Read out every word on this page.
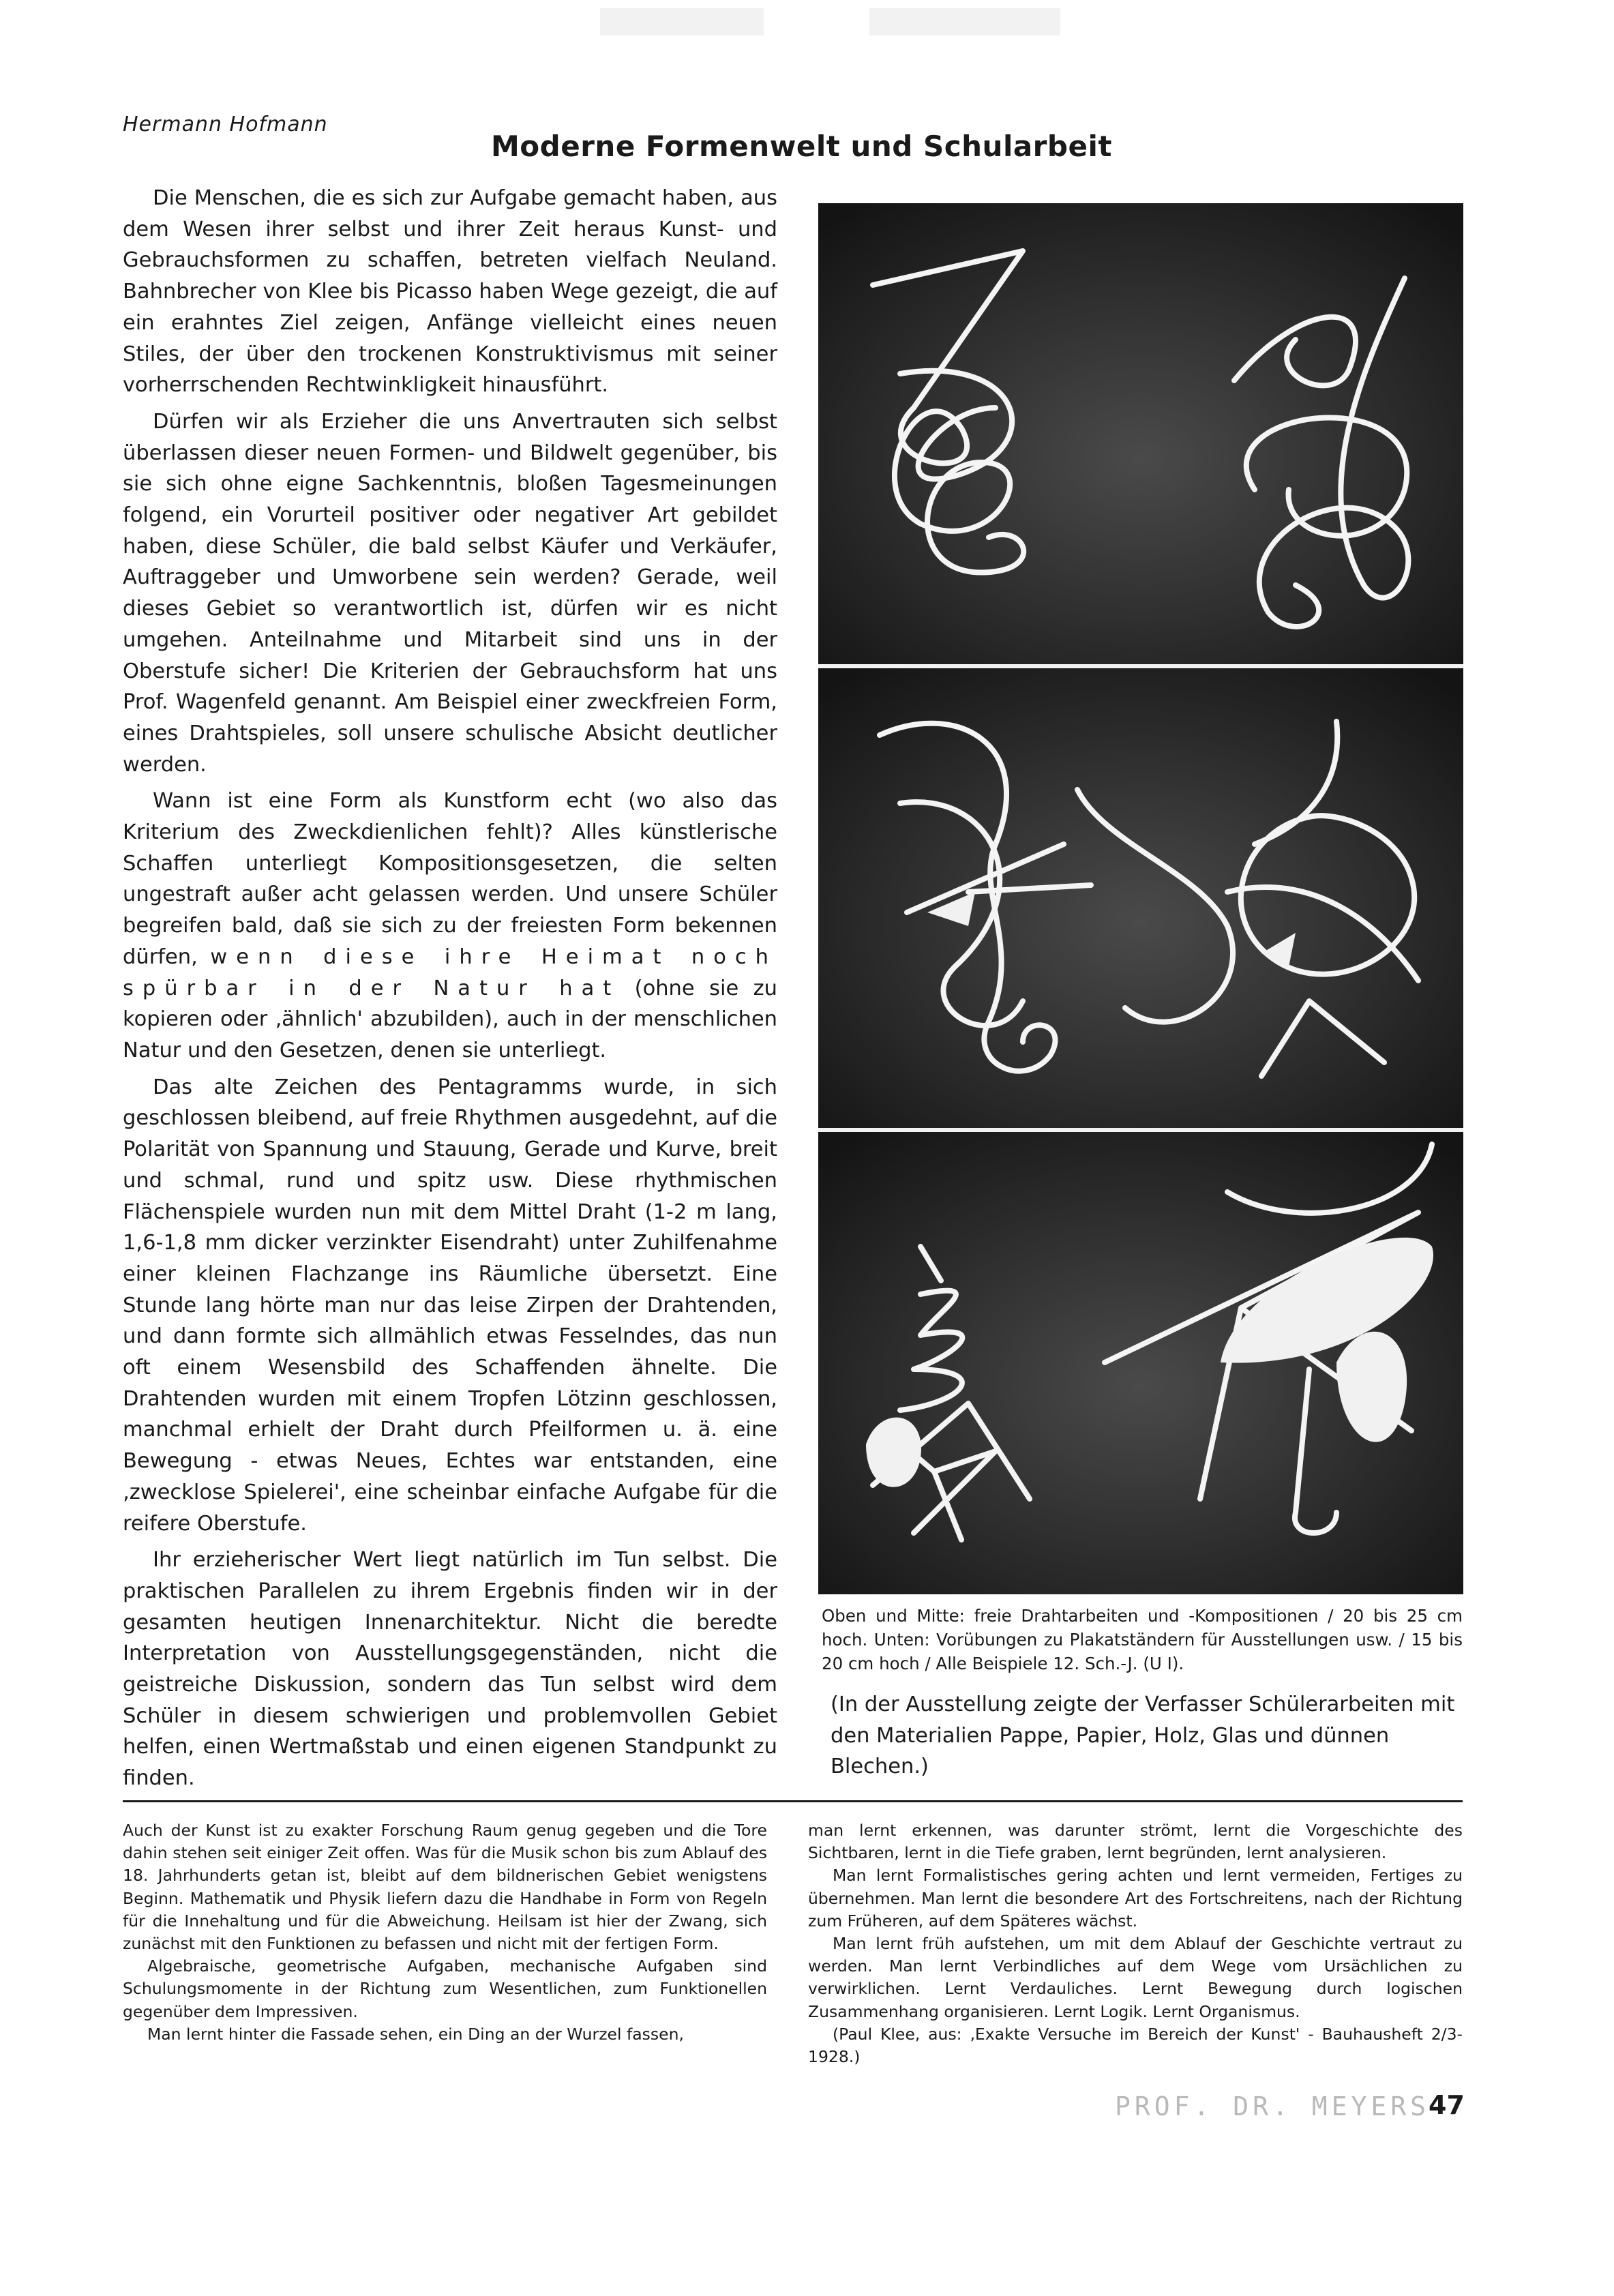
Hermann Hofmann
Moderne Formenwelt und Schularbeit

Die Menschen, die es sich zur Aufgabe gemacht haben, aus dem Wesen ihrer selbst und ihrer Zeit heraus Kunst- und Gebrauchsformen zu schaffen, betreten vielfach Neuland. Bahnbrecher von Klee bis Picasso haben Wege gezeigt, die auf ein erahntes Ziel zeigen, Anfänge vielleicht eines neuen Stiles, der über den trockenen Konstruktivismus mit seiner vorherrschenden Rechtwinkligkeit hinausführt.

Dürfen wir als Erzieher die uns Anvertrauten sich selbst überlassen dieser neuen Formen- und Bildwelt gegenüber, bis sie sich ohne eigne Sachkenntnis, bloßen Tagesmeinungen folgend, ein Vorurteil positiver oder negativer Art gebildet haben, diese Schüler, die bald selbst Käufer und Verkäufer, Auftraggeber und Umworbene sein werden? Gerade, weil dieses Gebiet so verantwortlich ist, dürfen wir es nicht umgehen. Anteilnahme und Mitarbeit sind uns in der Oberstufe sicher! Die Kriterien der Gebrauchsform hat uns Prof. Wagenfeld genannt. Am Beispiel einer zweckfreien Form, eines Drahtspieles, soll unsere schulische Absicht deutlicher werden.

Wann ist eine Form als Kunstform echt (wo also das Kriterium des Zweckdienlichen fehlt)? Alles künstlerische Schaffen unterliegt Kompositionsgesetzen, die selten ungestraft außer acht gelassen werden. Und unsere Schüler begreifen bald, daß sie sich zu der freiesten Form bekennen dürfen, wenn diese ihre Heimat noch spürbar in der Natur hat (ohne sie zu kopieren oder ‚ähnlich' abzubilden), auch in der menschlichen Natur und den Gesetzen, denen sie unterliegt.

Das alte Zeichen des Pentagramms wurde, in sich geschlossen bleibend, auf freie Rhythmen ausgedehnt, auf die Polarität von Spannung und Stauung, Gerade und Kurve, breit und schmal, rund und spitz usw. Diese rhythmischen Flächenspiele wurden nun mit dem Mittel Draht (1-2 m lang, 1,6-1,8 mm dicker verzinkter Eisendraht) unter Zuhilfenahme einer kleinen Flachzange ins Räumliche übersetzt. Eine Stunde lang hörte man nur das leise Zirpen der Drahtenden, und dann formte sich allmählich etwas Fesselndes, das nun oft einem Wesensbild des Schaffenden ähnelte. Die Drahtenden wurden mit einem Tropfen Lötzinn geschlossen, manchmal erhielt der Draht durch Pfeilformen u. ä. eine Bewegung - etwas Neues, Echtes war entstanden, eine ‚zwecklose Spielerei', eine scheinbar einfache Aufgabe für die reifere Oberstufe.

Ihr erzieherischer Wert liegt natürlich im Tun selbst. Die praktischen Parallelen zu ihrem Ergebnis finden wir in der gesamten heutigen Innenarchitektur. Nicht die beredte Interpretation von Ausstellungsgegenständen, nicht die geistreiche Diskussion, sondern das Tun selbst wird dem Schüler in diesem schwierigen und problemvollen Gebiet helfen, einen Wertmaßstab und einen eigenen Standpunkt zu finden.

Oben und Mitte: freie Drahtarbeiten und -Kompositionen / 20 bis 25 cm hoch. Unten: Vorübungen zu Plakatständern für Ausstellungen usw. / 15 bis 20 cm hoch / Alle Beispiele 12. Sch.-J. (U I).
(In der Ausstellung zeigte der Verfasser Schülerarbeiten mit den Materialien Pappe, Papier, Holz, Glas und dünnen Blechen.)

Auch der Kunst ist zu exakter Forschung Raum genug gegeben und die Tore dahin stehen seit einiger Zeit offen. Was für die Musik schon bis zum Ablauf des 18. Jahrhunderts getan ist, bleibt auf dem bildnerischen Gebiet wenigstens Beginn. Mathematik und Physik liefern dazu die Handhabe in Form von Regeln für die Innehaltung und für die Abweichung. Heilsam ist hier der Zwang, sich zunächst mit den Funktionen zu befassen und nicht mit der fertigen Form.

Algebraische, geometrische Aufgaben, mechanische Aufgaben sind Schulungsmomente in der Richtung zum Wesentlichen, zum Funktionellen gegenüber dem Impressiven.

Man lernt hinter die Fassade sehen, ein Ding an der Wurzel fassen,

man lernt erkennen, was darunter strömt, lernt die Vorgeschichte des Sichtbaren, lernt in die Tiefe graben, lernt begründen, lernt analysieren.

Man lernt Formalistisches gering achten und lernt vermeiden, Fertiges zu übernehmen. Man lernt die besondere Art des Fortschreitens, nach der Richtung zum Früheren, auf dem Späteres wächst.

Man lernt früh aufstehen, um mit dem Ablauf der Geschichte vertraut zu werden. Man lernt Verbindliches auf dem Wege vom Ursächlichen zu verwirklichen. Lernt Verdauliches. Lernt Bewegung durch logischen Zusammenhang organisieren. Lernt Logik. Lernt Organismus.

(Paul Klee, aus: ‚Exakte Versuche im Bereich der Kunst' - Bauhausheft 2/3-1928.)

PROF. DR. MEYERS
47
